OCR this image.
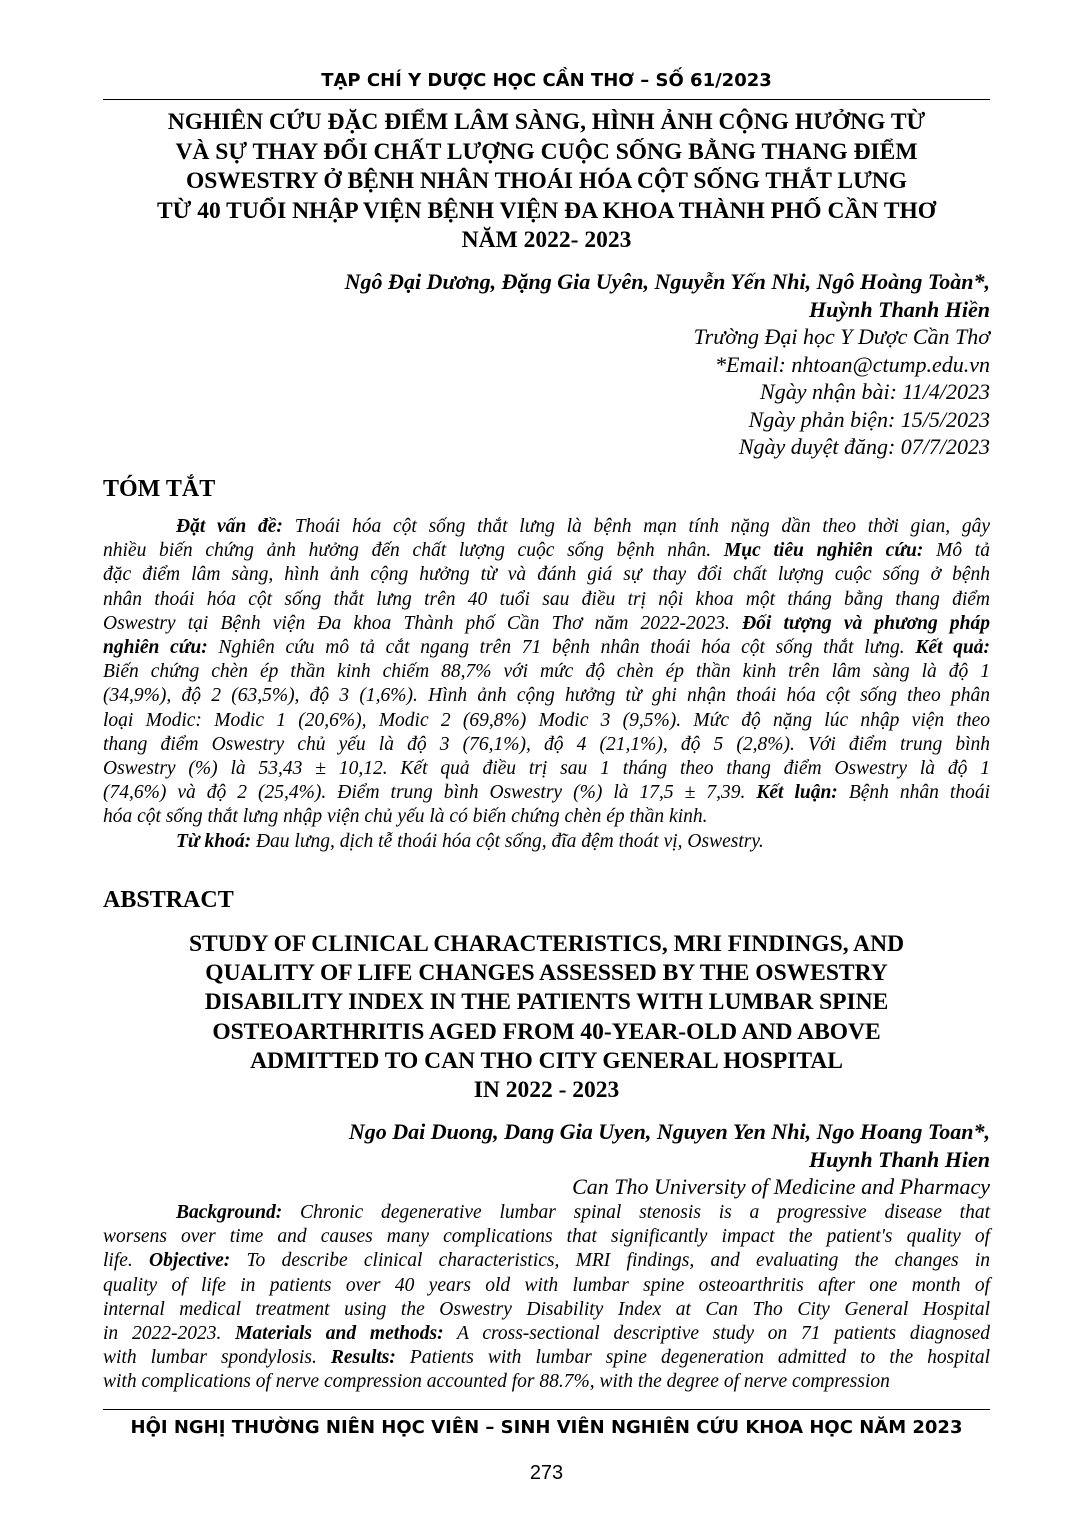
TẠP CHÍ Y DƯỢC HỌC CẦN THƠ – SỐ 61/2023
NGHIÊN CỨU ĐẶC ĐIỂM LÂM SÀNG, HÌNH ẢNH CỘNG HƯỞNG TỪ
VÀ SỰ THAY ĐỔI CHẤT LƯỢNG CUỘC SỐNG BẰNG THANG ĐIỂM
OSWESTRY Ở BỆNH NHÂN THOÁI HÓA CỘT SỐNG THẮT LƯNG
TỪ 40 TUỔI NHẬP VIỆN BỆNH VIỆN ĐA KHOA THÀNH PHỐ CẦN THƠ
NĂM 2022- 2023
Ngô Đại Dương, Đặng Gia Uyên, Nguyễn Yến Nhi, Ngô Hoàng Toàn*,
Huỳnh Thanh Hiền
Trường Đại học Y Dược Cần Thơ
*Email: nhtoan@ctump.edu.vn
Ngày nhận bài: 11/4/2023
Ngày phản biện: 15/5/2023
Ngày duyệt đăng: 07/7/2023
TÓM TẮT
Đặt vấn đề: Thoái hóa cột sống thắt lưng là bệnh mạn tính nặng dần theo thời gian, gây
nhiều biến chứng ảnh hưởng đến chất lượng cuộc sống bệnh nhân. Mục tiêu nghiên cứu: Mô tả
đặc điểm lâm sàng, hình ảnh cộng hưởng từ và đánh giá sự thay đổi chất lượng cuộc sống ở bệnh
nhân thoái hóa cột sống thắt lưng trên 40 tuổi sau điều trị nội khoa một tháng bằng thang điểm
Oswestry tại Bệnh viện Đa khoa Thành phố Cần Thơ năm 2022-2023. Đối tượng và phương pháp
nghiên cứu: Nghiên cứu mô tả cắt ngang trên 71 bệnh nhân thoái hóa cột sống thắt lưng. Kết quả:
Biến chứng chèn ép thần kinh chiếm 88,7% với mức độ chèn ép thần kinh trên lâm sàng là độ 1
(34,9%), độ 2 (63,5%), độ 3 (1,6%). Hình ảnh cộng hưởng từ ghi nhận thoái hóa cột sống theo phân
loại Modic: Modic 1 (20,6%), Modic 2 (69,8%) Modic 3 (9,5%). Mức độ nặng lúc nhập viện theo
thang điểm Oswestry chủ yếu là độ 3 (76,1%), độ 4 (21,1%), độ 5 (2,8%). Với điểm trung bình
Oswestry (%) là 53,43 ± 10,12. Kết quả điều trị sau 1 tháng theo thang điểm Oswestry là độ 1
(74,6%) và độ 2 (25,4%). Điểm trung bình Oswestry (%) là 17,5 ± 7,39. Kết luận: Bệnh nhân thoái
hóa cột sống thắt lưng nhập viện chủ yếu là có biến chứng chèn ép thần kinh.
Từ khoá: Đau lưng, dịch tễ thoái hóa cột sống, đĩa đệm thoát vị, Oswestry.
ABSTRACT
STUDY OF CLINICAL CHARACTERISTICS, MRI FINDINGS, AND
QUALITY OF LIFE CHANGES ASSESSED BY THE OSWESTRY
DISABILITY INDEX IN THE PATIENTS WITH LUMBAR SPINE
OSTEOARTHRITIS AGED FROM 40-YEAR-OLD AND ABOVE
ADMITTED TO CAN THO CITY GENERAL HOSPITAL
IN 2022 - 2023
Ngo Dai Duong, Dang Gia Uyen, Nguyen Yen Nhi, Ngo Hoang Toan*,
Huynh Thanh Hien
Can Tho University of Medicine and Pharmacy
Background: Chronic degenerative lumbar spinal stenosis is a progressive disease that
worsens over time and causes many complications that significantly impact the patient's quality of
life. Objective: To describe clinical characteristics, MRI findings, and evaluating the changes in
quality of life in patients over 40 years old with lumbar spine osteoarthritis after one month of
internal medical treatment using the Oswestry Disability Index at Can Tho City General Hospital
in 2022-2023. Materials and methods: A cross-sectional descriptive study on 71 patients diagnosed
with lumbar spondylosis. Results: Patients with lumbar spine degeneration admitted to the hospital
with complications of nerve compression accounted for 88.7%, with the degree of nerve compression
HỘI NGHỊ THƯỜNG NIÊN HỌC VIÊN – SINH VIÊN NGHIÊN CỨU KHOA HỌC NĂM 2023
273
